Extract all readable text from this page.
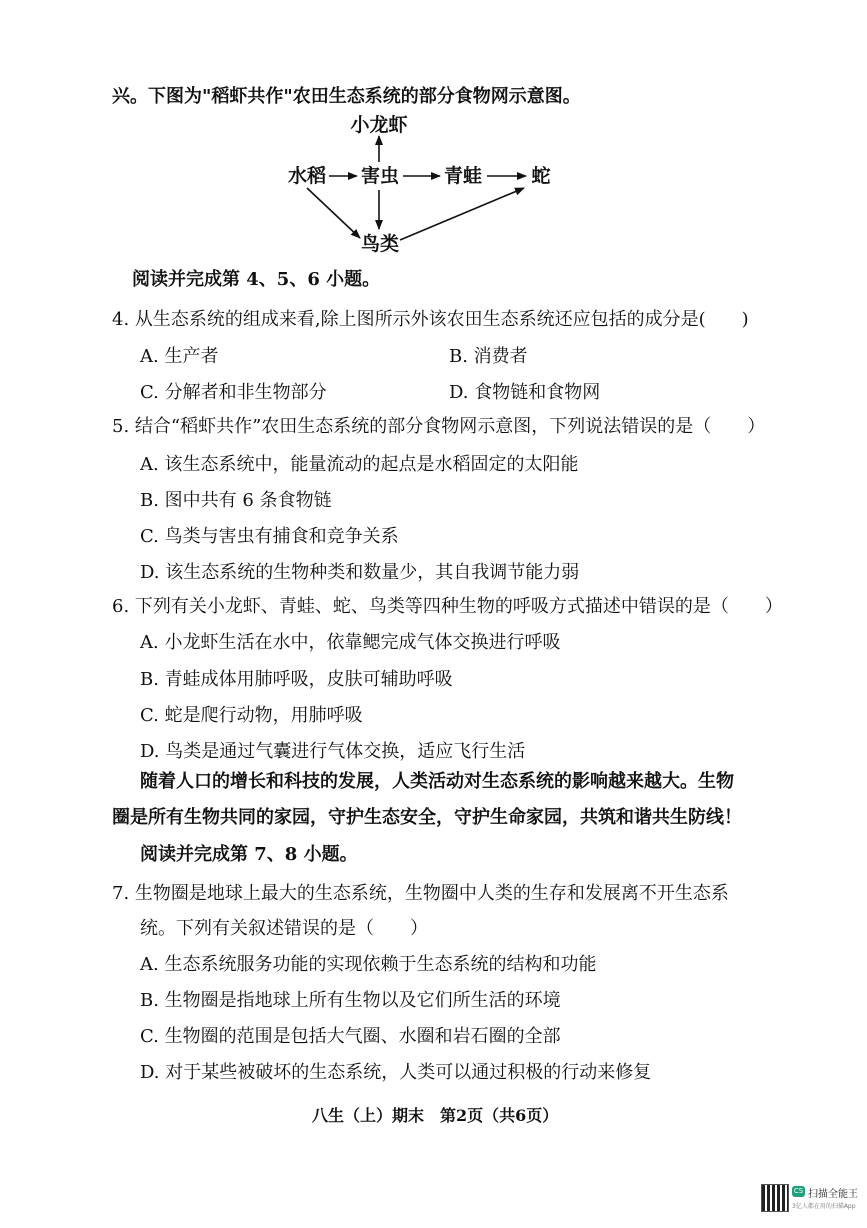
兴。下图为"稻虾共作"农田生态系统的部分食物网示意图。
小龙虾
水稻 害虫 青蛙	蛇
鸟类
阅读并完成第 4、5、6 小题。
4. 从生态系统的组成来看,除上图所示外该农田生态系统还应包括的成分是(　　)
A. 生产者	B. 消费者
C. 分解者和非生物部分	D. 食物链和食物网
5. 结合“稻虾共作”农田生态系统的部分食物网示意图，下列说法错误的是（　　）
A. 该生态系统中，能量流动的起点是水稻固定的太阳能
B. 图中共有 6 条食物链
C. 鸟类与害虫有捕食和竞争关系
D. 该生态系统的生物种类和数量少，其自我调节能力弱
6. 下列有关小龙虾、青蛙、蛇、鸟类等四种生物的呼吸方式描述中错误的是（　　）
A. 小龙虾生活在水中，依靠鳃完成气体交换进行呼吸
B. 青蛙成体用肺呼吸，皮肤可辅助呼吸
C. 蛇是爬行动物，用肺呼吸
D. 鸟类是通过气囊进行气体交换，适应飞行生活
随着人口的增长和科技的发展，人类活动对生态系统的影响越来越大。生物
圈是所有生物共同的家园，守护生态安全，守护生命家园，共筑和谐共生防线！
阅读并完成第 7、8 小题。
7. 生物圈是地球上最大的生态系统，生物圈中人类的生存和发展离不开生态系
统。下列有关叙述错误的是（　　）
A. 生态系统服务功能的实现依赖于生态系统的结构和功能
B. 生物圈是指地球上所有生物以及它们所生活的环境
C. 生物圈的范围是包括大气圈、水圈和岩石圈的全部
D. 对于某些被破坏的生态系统，人类可以通过积极的行动来修复
八生（上）期末　第2页（共6页）
CS 扫描全能王
3亿人都在用的扫描App
